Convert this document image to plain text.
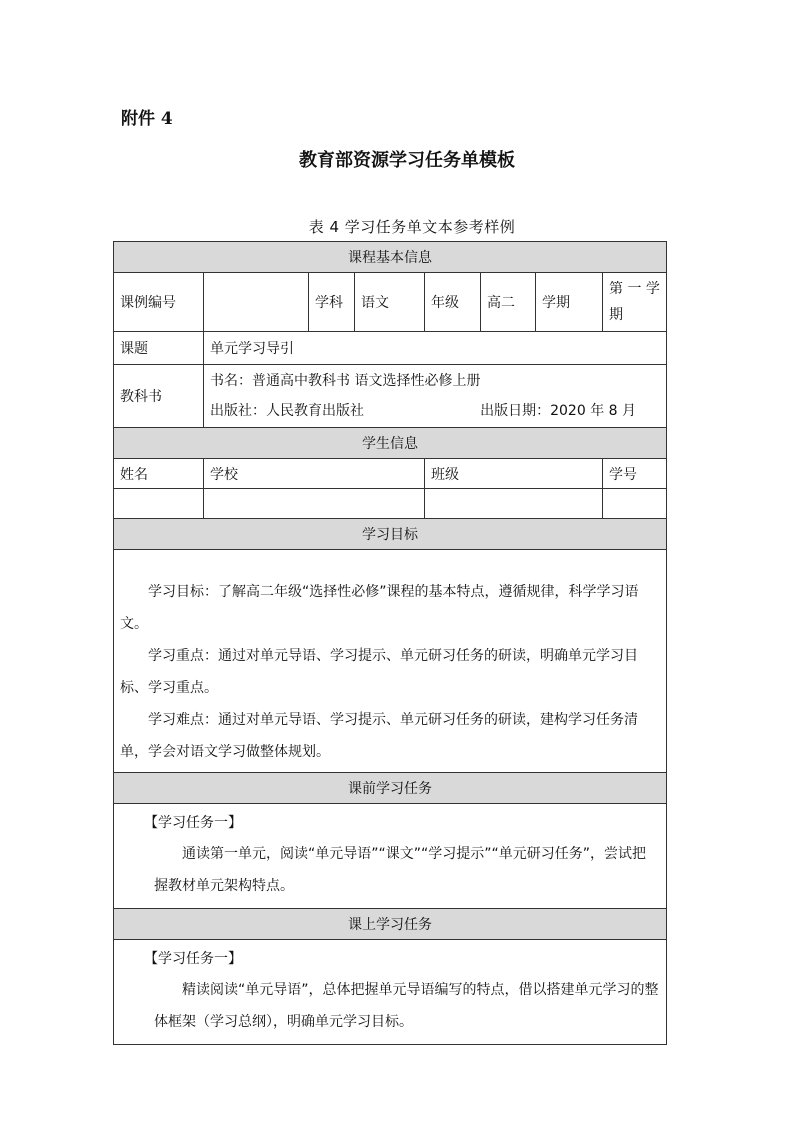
附件 4
教育部资源学习任务单模板
表 4 学习任务单文本参考样例
课程基本信息							
课例编号		学科	语文	年级	高二	学期	第 一 学
期

课题	单元学习导引						
教科书	书名：普通高中教科书 语文选择性必修上册
出版社：人民教育出版社 出版日期：2020 年 8 月						

学生信息							
姓名	学校			班级			学号

学习目标							

学习目标：了解高二年级“选择性必修”课程的基本特点，遵循规律，科学学习语文。

学习重点：通过对单元导语、学习提示、单元研习任务的研读，明确单元学习目标、学习重点。

学习难点：通过对单元导语、学习提示、单元研习任务的研读，建构学习任务清单，学会对语文学习做整体规划。							

课前学习任务							

【学习任务一】
通读第一单元，阅读“单元导语”“课文”“学习提示”“单元研习任务”，尝试把握教材单元架构特点。							

课上学习任务							

【学习任务一】
精读阅读“单元导语”，总体把握单元导语编写的特点，借以搭建单元学习的整体框架（学习总纲），明确单元学习目标。							
